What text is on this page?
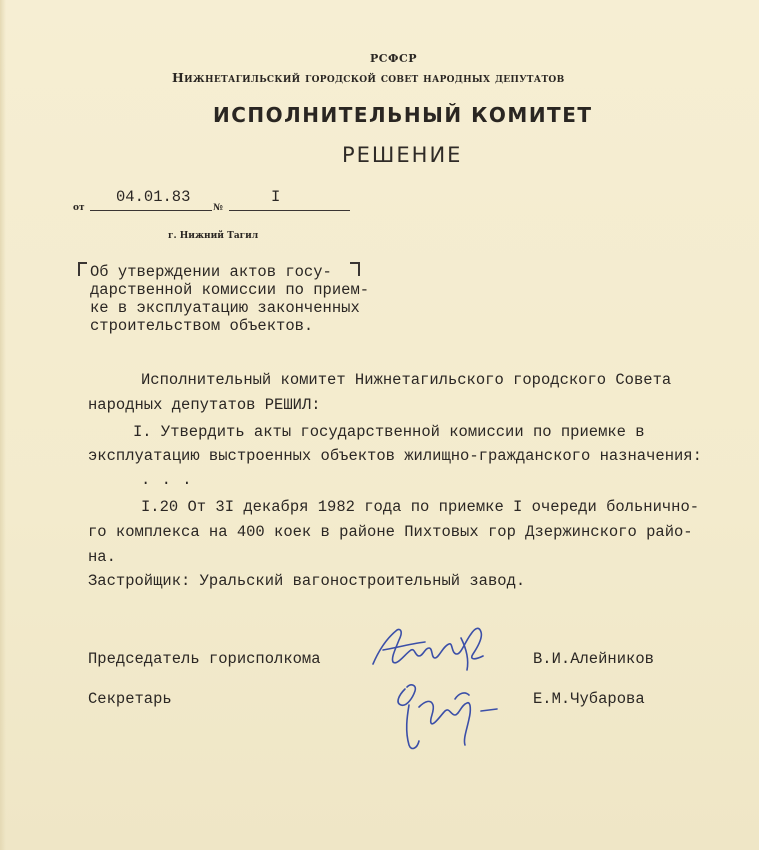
РСФСР
Нижнетагильский городской совет народных депутатов
ИСПОЛНИТЕЛЬНЫЙ КОМИТЕТ
РЕШЕНИЕ
от
04.01.83
№
I
г. Нижний Тагил
Об утверждении актов госу-
дарственной комиссии по прием-
ке в эксплуатацию законченных
строительством объектов.
Исполнительный комитет Нижнетагильского городского Совета
народных депутатов РЕШИЛ:
I. Утвердить акты государственной комиссии по приемке в
эксплуатацию выстроенных объектов жилищно-гражданского назначения:
. . .
I.20 От 3I декабря 1982 года по приемке I очереди больнично-
го комплекса на 400 коек в районе Пихтовых гор Дзержинского райо-
на.
Застройщик: Уральский вагоностроительный завод.
Председатель горисполкома	В.И.Алейников
Секретарь	Е.М.Чубарова
